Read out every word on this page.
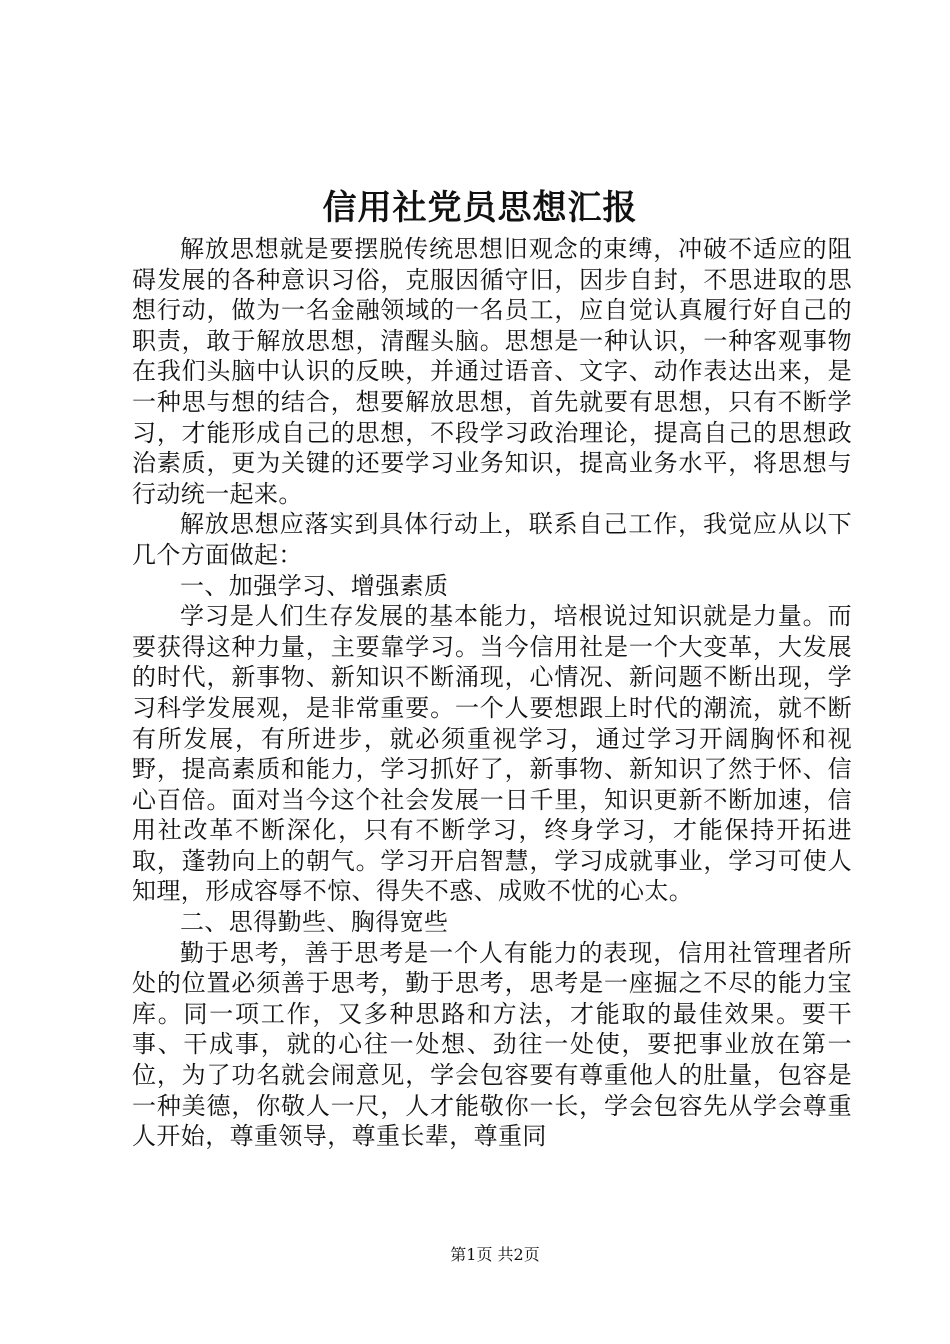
信用社党员思想汇报

解放思想就是要摆脱传统思想旧观念的束缚，冲破不适应的阻碍发展的各种意识习俗，克服因循守旧，因步自封，不思进取的思想行动，做为一名金融领域的一名员工，应自觉认真履行好自己的职责，敢于解放思想，清醒头脑。思想是一种认识，一种客观事物在我们头脑中认识的反映，并通过语音、文字、动作表达出来，是一种思与想的结合，想要解放思想，首先就要有思想，只有不断学习，才能形成自己的思想，不段学习政治理论，提高自己的思想政治素质，更为关键的还要学习业务知识，提高业务水平，将思想与行动统一起来。

解放思想应落实到具体行动上，联系自己工作，我觉应从以下几个方面做起：

一、加强学习、增强素质

学习是人们生存发展的基本能力，培根说过知识就是力量。而要获得这种力量，主要靠学习。当今信用社是一个大变革，大发展的时代，新事物、新知识不断涌现，心情况、新问题不断出现，学习科学发展观，是非常重要。一个人要想跟上时代的潮流，就不断有所发展，有所进步，就必须重视学习，通过学习开阔胸怀和视野，提高素质和能力，学习抓好了，新事物、新知识了然于怀、信心百倍。面对当今这个社会发展一日千里，知识更新不断加速，信用社改革不断深化，只有不断学习，终身学习，才能保持开拓进取，蓬勃向上的朝气。学习开启智慧，学习成就事业，学习可使人知理，形成容辱不惊、得失不惑、成败不忧的心太。

二、思得勤些、胸得宽些

勤于思考，善于思考是一个人有能力的表现，信用社管理者所处的位置必须善于思考，勤于思考，思考是一座掘之不尽的能力宝库。同一项工作，又多种思路和方法，才能取的最佳效果。要干事、干成事，就的心往一处想、劲往一处使，要把事业放在第一位，为了功名就会闹意见，学会包容要有尊重他人的肚量，包容是一种美德，你敬人一尺，人才能敬你一长，学会包容先从学会尊重人开始，尊重领导，尊重长辈，尊重同

第1页 共2页
